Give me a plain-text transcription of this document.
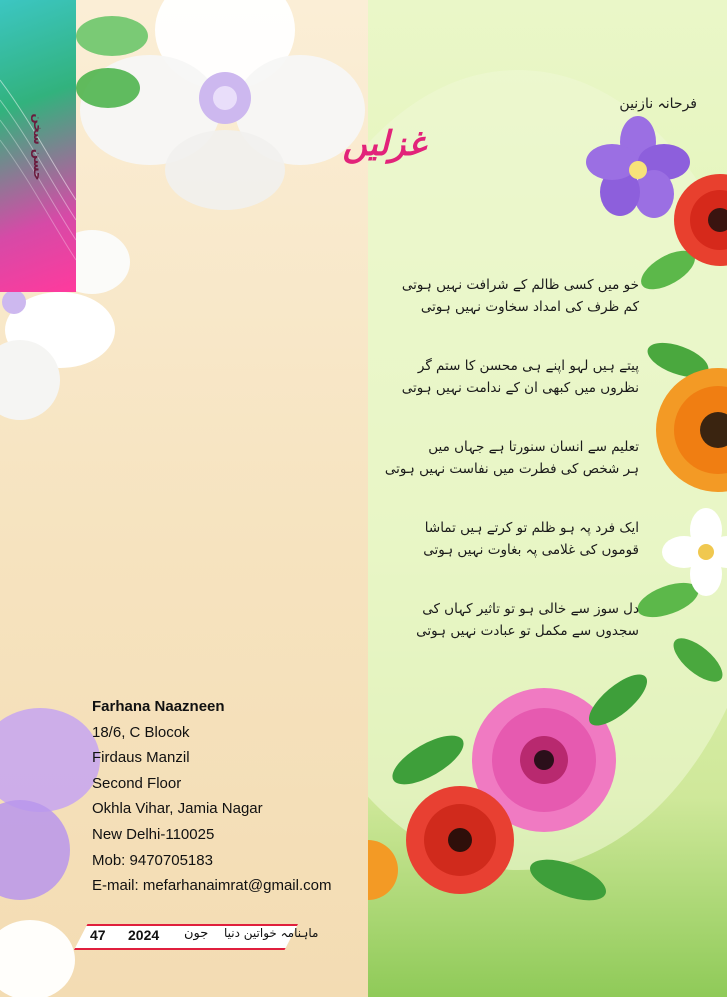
حسن سخن
Farhana Naazneen
18/6, C Blocok
Firdaus Manzil
Second Floor
Okhla Vihar, Jamia Nagar
New Delhi-110025
Mob: 9470705183
E-mail: mefarhanaimrat@gmail.com
47 2024 جون ماہنامہ خواتین دنیا
فرحانہ نازنین
خو میں کسی ظالم کے شرافت نہیں ہوتی
کم ظرف کی امداد سخاوت نہیں ہوتی
پیتے ہیں لہو اپنے ہی محسن کا ستم گر
نظروں میں کبھی ان کے ندامت نہیں ہوتی
تعلیم سے انسان سنورتا ہے جہاں میں
ہر شخص کی فطرت میں نفاست نہیں ہوتی
ایک فرد پہ ہو ظلم تو کرتے ہیں تماشا
قوموں کی غلامی پہ بغاوت نہیں ہوتی
دل سوز سے خالی ہو تو تاثیر کہاں کی
سجدوں سے مکمل تو عبادت نہیں ہوتی
غزلیں
